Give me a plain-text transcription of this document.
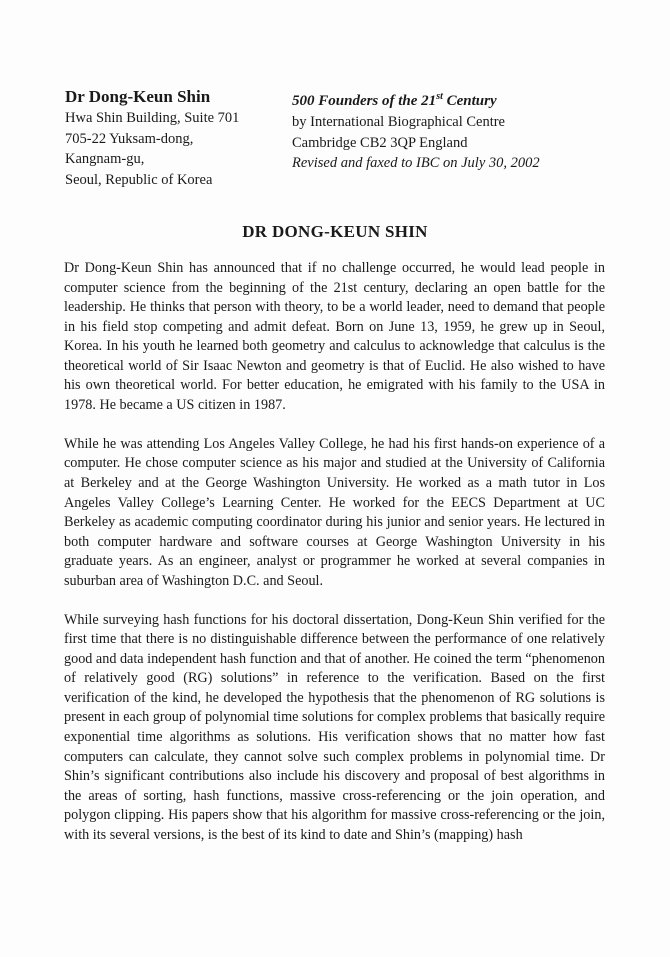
Dr Dong-Keun Shin
Hwa Shin Building, Suite 701
705-22 Yuksam-dong,
Kangnam-gu,
Seoul, Republic of Korea
500 Founders of the 21st Century
by International Biographical Centre
Cambridge CB2 3QP England
Revised and faxed to IBC on July 30, 2002
DR DONG-KEUN SHIN

Dr Dong-Keun Shin has announced that if no challenge occurred, he would lead people in computer science from the beginning of the 21st century, declaring an open battle for the leadership. He thinks that person with theory, to be a world leader, need to demand that people in his field stop competing and admit defeat. Born on June 13, 1959, he grew up in Seoul, Korea. In his youth he learned both geometry and calculus to acknowledge that calculus is the theoretical world of Sir Isaac Newton and geometry is that of Euclid. He also wished to have his own theoretical world. For better education, he emigrated with his family to the USA in 1978. He became a US citizen in 1987.

While he was attending Los Angeles Valley College, he had his first hands-on experience of a computer. He chose computer science as his major and studied at the University of California at Berkeley and at the George Washington University. He worked as a math tutor in Los Angeles Valley College’s Learning Center. He worked for the EECS Department at UC Berkeley as academic computing coordinator during his junior and senior years. He lectured in both computer hardware and software courses at George Washington University in his graduate years. As an engineer, analyst or programmer he worked at several companies in suburban area of Washington D.C. and Seoul.

While surveying hash functions for his doctoral dissertation, Dong-Keun Shin verified for the first time that there is no distinguishable difference between the performance of one relatively good and data independent hash function and that of another. He coined the term “phenomenon of relatively good (RG) solutions” in reference to the verification. Based on the first verification of the kind, he developed the hypothesis that the phenomenon of RG solutions is present in each group of polynomial time solutions for complex problems that basically require exponential time algorithms as solutions. His verification shows that no matter how fast computers can calculate, they cannot solve such complex problems in polynomial time. Dr Shin’s significant contributions also include his discovery and proposal of best algorithms in the areas of sorting, hash functions, massive cross-referencing or the join operation, and polygon clipping. His papers show that his algorithm for massive cross-referencing or the join, with its several versions, is the best of its kind to date and Shin’s (mapping) hash
